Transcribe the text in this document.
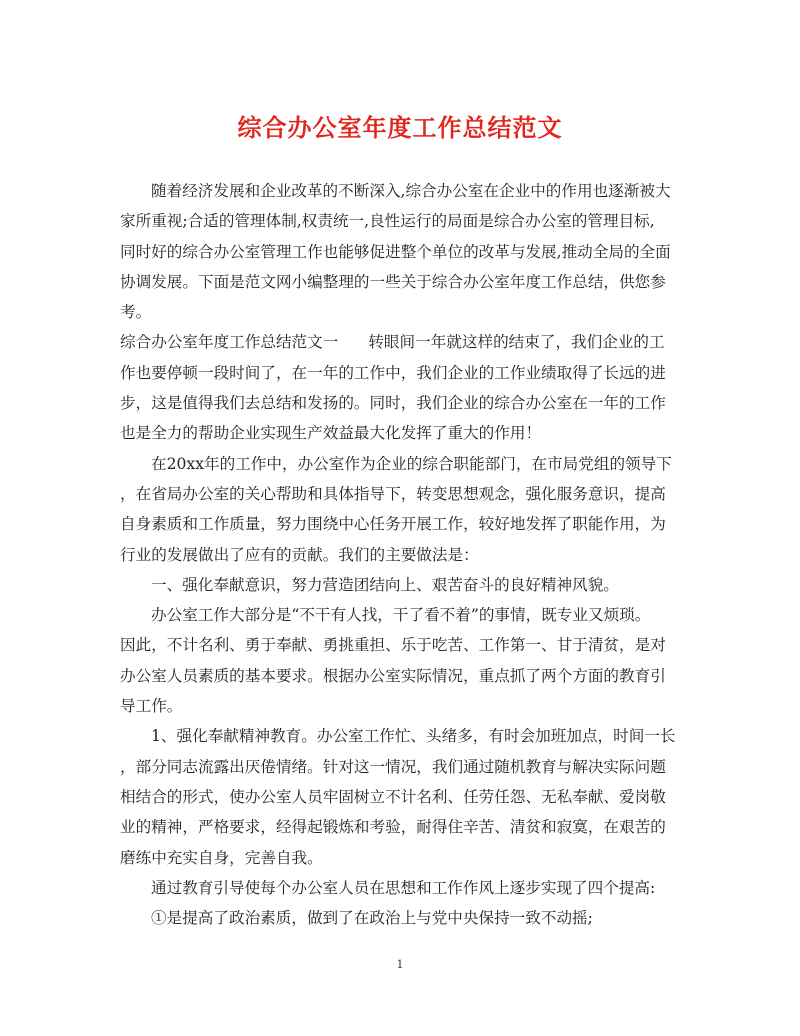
综合办公室年度工作总结范文
随着经济发展和企业改革的不断深入,综合办公室在企业中的作用也逐渐被大
家所重视;合适的管理体制,权责统一,良性运行的局面是综合办公室的管理目标,
同时好的综合办公室管理工作也能够促进整个单位的改革与发展,推动全局的全面
协调发展。下面是范文网小编整理的一些关于综合办公室年度工作总结，供您参
考。
综合办公室年度工作总结范文一 转眼间一年就这样的结束了，我们企业的工
作也要停顿一段时间了，在一年的工作中，我们企业的工作业绩取得了长远的进
步，这是值得我们去总结和发扬的。同时，我们企业的综合办公室在一年的工作
也是全力的帮助企业实现生产效益最大化发挥了重大的作用！
在20xx年的工作中，办公室作为企业的综合职能部门，在市局党组的领导下
，在省局办公室的关心帮助和具体指导下，转变思想观念，强化服务意识，提高
自身素质和工作质量，努力围绕中心任务开展工作，较好地发挥了职能作用，为
行业的发展做出了应有的贡献。我们的主要做法是：
一、强化奉献意识，努力营造团结向上、艰苦奋斗的良好精神风貌。
办公室工作大部分是“不干有人找，干了看不着”的事情，既专业又烦琐。
因此，不计名利、勇于奉献、勇挑重担、乐于吃苦、工作第一、甘于清贫，是对
办公室人员素质的基本要求。根据办公室实际情况，重点抓了两个方面的教育引
导工作。
1、强化奉献精神教育。办公室工作忙、头绪多，有时会加班加点，时间一长
，部分同志流露出厌倦情绪。针对这一情况，我们通过随机教育与解决实际问题
相结合的形式，使办公室人员牢固树立不计名利、任劳任怨、无私奉献、爱岗敬
业的精神，严格要求，经得起锻炼和考验，耐得住辛苦、清贫和寂寞，在艰苦的
磨练中充实自身，完善自我。
通过教育引导使每个办公室人员在思想和工作作风上逐步实现了四个提高:
①是提高了政治素质，做到了在政治上与党中央保持一致不动摇;
1
